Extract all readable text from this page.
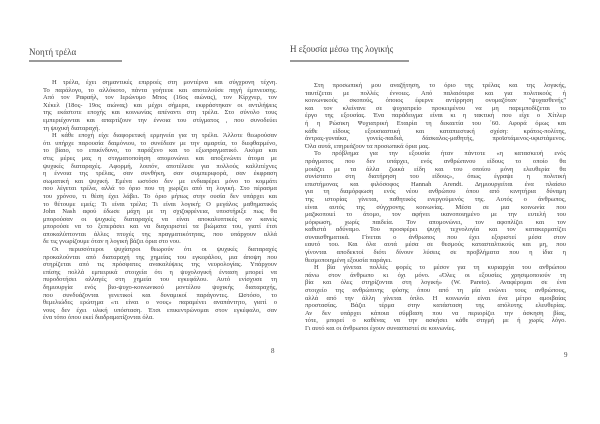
Νοητή τρέλα
Η τρέλα, έχει σημαντικές επιρροές στη μοντέρνα και σύγχρονη τέχνη.
Το παράλογο, το αλλόκοτο, πάντα γοήτευε και αποτελούσε πηγή έμπνευσης.
Από τον Ραφαήλ, τον Ιερώνυμο Μπος (16ος αιώνας), τον Κίρχνερ, τον
Χέκελ (18ος- 19ος αιώνας) και μέχρι σήμερα, εκφράστηκαν οι αντιλήψεις
της εκάστοτε εποχής και κοινωνίας απέναντι στη τρέλα. Στο σύνολο τους
εμπεριέχονται και απαρτίζουν την έννοια του στίγματος , που συνοδεύει
τη ψυχική διαταραχή.
Η κάθε εποχή είχε διαφορετική ερμηνεία για τη τρέλα. Άλλοτε θεωρούσαν
ότι υπήρχε παρουσία δαιμόνιου, το συνέδεαν με την αμαρτία, το διεφθαρμένο,
το βίαιο, το επικίνδυνο, το παράξενο και το εξωπραγματικό. Ακόμα και
στις μέρες μας η στιγματοποίηση απομονώνει και αποξενώνει άτομα με
ψυχικές διαταραχές. Αφορμή, λοιπόν, αποτέλεσε για πολλούς καλλιτέχνες
η έννοια της τρέλας, σαν συνθήκη, σαν συμπεριφορά, σαν έκφραση
σωματική και ψυχική. Εμένα ωστόσο δεν με ενδιαφέρει μόνο το κομμάτι
που λέγεται τρέλα, αλλά το όριο που τη χωρίζει από τη λογική. Στο πέρασμα
του χρόνου, τι θέση έχει λάβει. Το όριο μήπως στην ουσία δεν υπάρχει και
το θέτουμε εμείς; Τι είναι τρέλα; Τι είναι λογική; Ο μεγάλος μαθηματικός
John Nash αφού έδωσε μάχη με τη σχιζοφρένεια, υποστήριξε πως θα
μπορούσαν οι ψυχικές διαταραχές να είναι αποκαλυπτικές αν κανείς
μπορούσε να το ξεπεράσει και να διαχειριστεί τα βιώματα του, γιατί έτσι
αποκαλύπτονται άλλες πτυχές της πραγματικότητας, που υπάρχουν αλλά
δε τις γνωρίζουμε όταν η λογική βάζει όρια στο νου.
Οι περισσότεροι ψυχίατροι θεωρούν ότι οι ψυχικές διαταραχές
προκαλούνται από διαταραχή της χημείας του εγκεφάλου, μια άποψη που
στηρίζεται από τις πρόσφατες ανακαλύψεις της νευρολογίας. Υπάρχουν
επίσης πολλά εμπειρικά στοιχεία ότι η ψυχολογική ένταση μπορεί να
πυροδοτήσει αλλαγές στη χημεία του εγκεφάλου. Αυτό ενίσχυσε τη
δημιουργία ενός βιο-ψυχο-κοινωνικού μοντέλου ψυχικής διαταραχής,
που συνδυάζονται γενετικοί και δυναμικοί παράγοντες. Ωστόσο, το
θεμελιώδες ερώτημα «τι είναι ο νους» παραμένει αναπάντητο, γιατί ο
νους δεν έχει υλική υπόσταση. Έτσι επικεντρώνομαι στον εγκέφαλο, σαν
ένα τόπο όπου εκεί διαδραματίζονται όλα.
8
Η εξουσία μέσω της λογικής
Στη προσωπική μου αναζήτηση, το όριο της τρέλας και της λογικής,
ταυτίζεται με πολλές έννοιες. Από παλαιότερα και για πολιτικούς ή
κοινωνικούς σκοπούς, όποιος έφερνε αντίρρηση ονομαζόταν "ψυχασθενής"
και τον κλείνανε σε ψυχιατρείο προκειμένου να μη παρεμποδίζεται το
έργο της εξουσίας. Ένα παράδειγμα είναι κι η τακτική που είχε ο Χίτλερ
ή η Ρώσικη Ψυχιατρική Εταιρία τη δεκαετία του ΄60. Αφορά όμως και
κάθε είδους εξουσιαστική και καταπιεστική σχέση: κράτος-πολίτης,
άντρας-γυναίκα, γονείς-παιδιά, δάσκαλος-μαθητής, προϊστάμενος-υφιστάμενος.
Όλα αυτά, επηρεάζουν τα προσωπικά όρια μας.
Το πρόβλημα για την εξουσία ήταν πάντοτε «η κατασκευή ενός
πράγματος που δεν υπάρχει, ενός ανθρώπινου είδους το οποίο θα
μοιάζει με τα άλλα ζωικά είδη και του οποίου μόνη ελευθερία θα
συνίστατο στη διατήρηση του είδους», όπως έγραψε η πολιτική
επιστήμονας και φιλόσοφος Hannah Arendt. Δημιουργείται ένα πλαίσιο
για τη διαμόρφωση ενός νέου ανθρώπου όπου από κινητήρια δύναμη
της ιστορίας γίνεται, παθητικός ενεργούμενός της. Αυτός ο άνθρωπος,
είναι αυτός της σύγχρονης κοινωνίας. Μέσα σε μια κοινωνία που
μαζικοποιεί το άτομο, τον αφήνει ικανοποιημένο με την ευτελή του
μόρφωση, χωρίς παιδεία. Τον απομονώνει, τον αφοπλίζει και τον
καθιστά αδύναμο. Του προσφέρει ψυχή τεχνολογία και τον κατακερματίζει
συναισθηματικά. Γίνεται ο άνθρωπος που έχει εξοριστεί μέσα στον
εαυτό του. Και όλα αυτά μέσα σε θεσμούς κατασταλτικούς και μη, που
γίνονται αποδεκτοί διότι δίνουν λύσεις σε προβλήματα που η ίδια η
θεσμοποιημένη εξουσία παράγει.
Η βία γίνεται πολλές φορές το μέσον για τη κυριαρχία του ανθρώπου
πάνω στον άνθρωπο κι όχι μόνο. «Όλες οι εξουσίες χρησιμοποιούν τη
βία και όλες στηρίζονται στη λογική» (W. Pareto). Αναφέρομαι σε ένα
στοιχείο της ανθρώπινης φύσης όπου από τη μία ενώνει τους ανθρώπους,
αλλά από την άλλη γίνεται όπλο. Η κοινωνία είναι ένα μέτρο αμοιβαίας
προστασίας. Βάζει τέρμα στην κατάσταση της απόλυτης ελευθερίας.
Αν δεν υπάρχει κάποια σύμβαση που να περιορίζει την άσκηση βίας,
τότε, μπορεί ο καθένας να την ασκήσει κάθε στιγμή με ή χωρίς λόγο.
Γι αυτό και οι άνθρωποι έχουν συνασπιστεί σε κοινωνίες.
9
